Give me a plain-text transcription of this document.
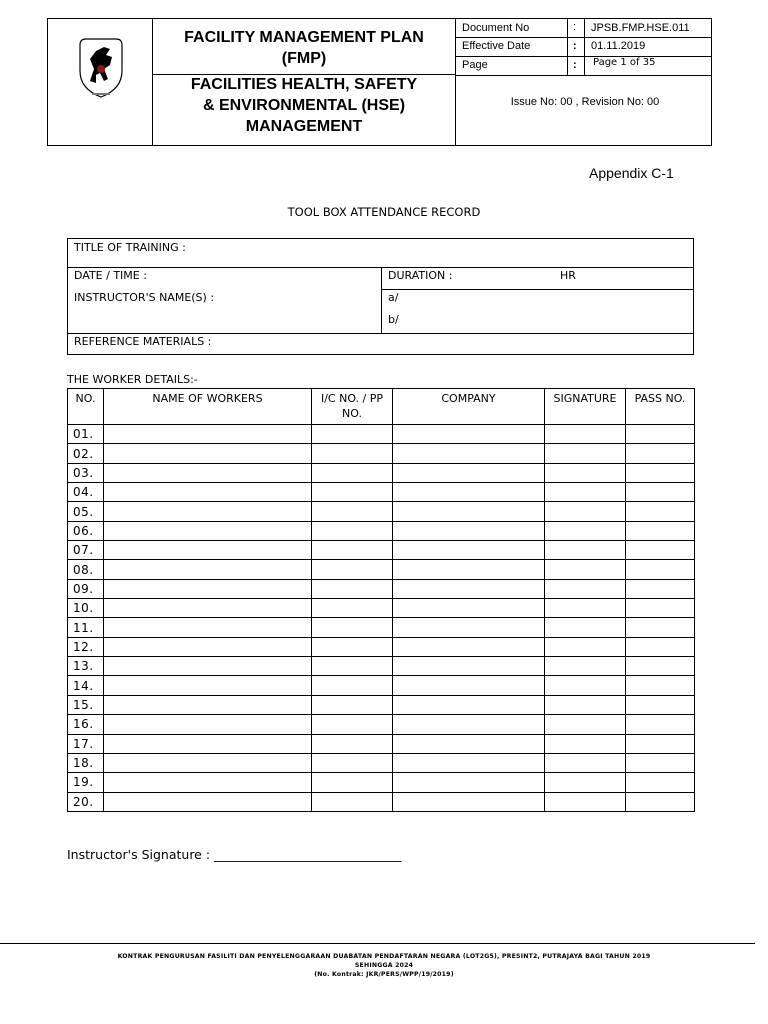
FACILITY MANAGEMENT PLAN
(FMP)
FACILITIES HEALTH, SAFETY
& ENVIRONMENTAL (HSE)
MANAGEMENT
Document No	: JPSB.FMP.HSE.011
Effective Date	: 01.11.2019
Page	: Page 1 of 35
Issue No: 00 , Revision No: 00
Appendix C-1
TOOL BOX ATTENDANCE RECORD
TITLE OF TRAINING :
DATE / TIME :	DURATION :	HR
INSTRUCTOR'S NAME(S) :	a/
b/
REFERENCE MATERIALS :
THE WORKER DETAILS:-
NO.	NAME OF WORKERS	I/C NO. / PP NO.	COMPANY	SIGNATURE	PASS NO.
01.					
02.					
03.					
04.					
05.					
06.					
07.					
08.					
09.					
10.					
11.					
12.					
13.					
14.					
15.					
16.					
17.					
18.					
19.					
20.					
Instructor's Signature : ______________________________
KONTRAK PENGURUSAN FASILITI DAN PENYELENGGARAAN DUABATAN PENDAFTARAN NEGARA (LOT2G5), PRESINT2, PUTRAJAYA BAGI TAHUN 2019
SEHINGGA 2024
(No. Kontrak: JKR/PERS/WPP/19/2019)
